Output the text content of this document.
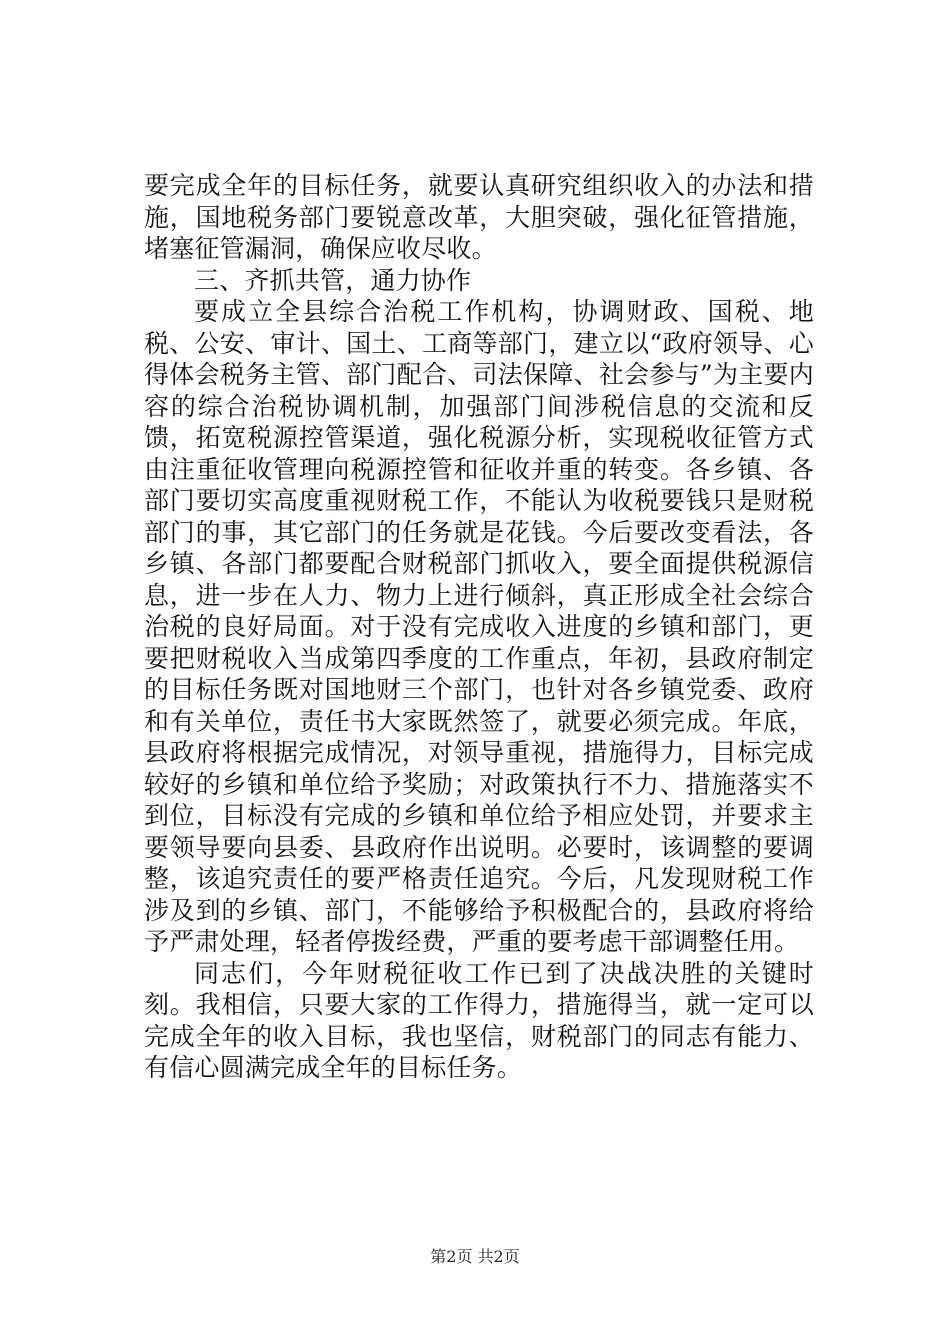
要完成全年的目标任务，就要认真研究组织收入的办法和措施，国地税务部门要锐意改革，大胆突破，强化征管措施，堵塞征管漏洞，确保应收尽收。

三、齐抓共管，通力协作

要成立全县综合治税工作机构，协调财政、国税、地税、公安、审计、国土、工商等部门，建立以“政府领导、心得体会税务主管、部门配合、司法保障、社会参与”为主要内容的综合治税协调机制，加强部门间涉税信息的交流和反馈，拓宽税源控管渠道，强化税源分析，实现税收征管方式由注重征收管理向税源控管和征收并重的转变。各乡镇、各部门要切实高度重视财税工作，不能认为收税要钱只是财税部门的事，其它部门的任务就是花钱。今后要改变看法，各乡镇、各部门都要配合财税部门抓收入，要全面提供税源信息，进一步在人力、物力上进行倾斜，真正形成全社会综合治税的良好局面。对于没有完成收入进度的乡镇和部门，更要把财税收入当成第四季度的工作重点，年初，县政府制定的目标任务既对国地财三个部门，也针对各乡镇党委、政府和有关单位，责任书大家既然签了，就要必须完成。年底，县政府将根据完成情况，对领导重视，措施得力，目标完成较好的乡镇和单位给予奖励；对政策执行不力、措施落实不到位，目标没有完成的乡镇和单位给予相应处罚，并要求主要领导要向县委、县政府作出说明。必要时，该调整的要调整，该追究责任的要严格责任追究。今后，凡发现财税工作涉及到的乡镇、部门，不能够给予积极配合的，县政府将给予严肃处理，轻者停拨经费，严重的要考虑干部调整任用。

同志们，今年财税征收工作已到了决战决胜的关键时刻。我相信，只要大家的工作得力，措施得当，就一定可以完成全年的收入目标，我也坚信，财税部门的同志有能力、有信心圆满完成全年的目标任务。

第2页 共2页
